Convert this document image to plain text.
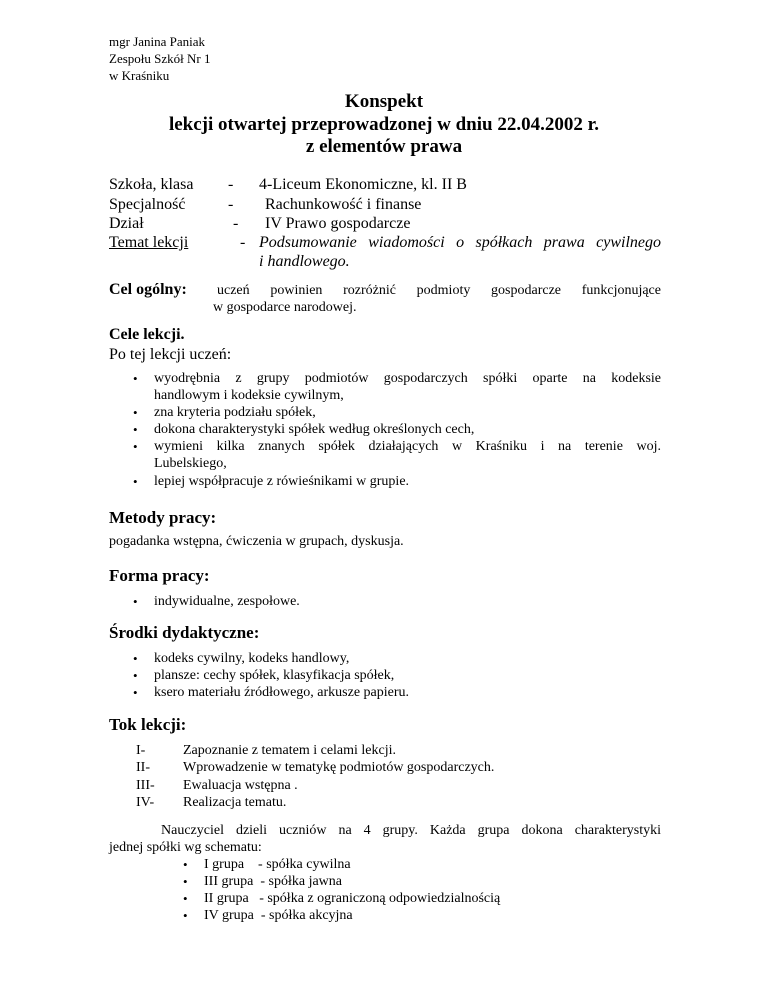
mgr Janina Paniak
Zespołu Szkół Nr 1
w Kraśniku
Konspekt
lekcji otwartej przeprowadzonej w dniu 22.04.2002 r.
z elementów prawa
Szkoła, klasa - 4-Liceum Ekonomiczne, kl. II B
Specjalność	- Rachunkowość i finanse
Dział	- IV Prawo gospodarcze
Temat lekcji	- Podsumowanie wiadomości o spółkach prawa cywilnego
i handlowego.
Cel ogólny: uczeń powinien rozróżnić podmioty gospodarcze funkcjonujące
w gospodarce narodowej.
Cele lekcji.
Po tej lekcji uczeń:
• wyodrębnia z grupy podmiotów gospodarczych spółki oparte na kodeksie
handlowym i kodeksie cywilnym,
• zna kryteria podziału spółek,
• dokona charakterystyki spółek według określonych cech,
• wymieni kilka znanych spółek działających w Kraśniku i na terenie woj.
Lubelskiego,
• lepiej współpracuje z rówieśnikami w grupie.
Metody pracy:
pogadanka wstępna, ćwiczenia w grupach, dyskusja.
Forma pracy:
• indywidualne, zespołowe.
Środki dydaktyczne:
• kodeks cywilny, kodeks handlowy,
• plansze: cechy spółek, klasyfikacja spółek,
• ksero materiału źródłowego, arkusze papieru.
Tok lekcji:
I-	Zapoznanie z tematem i celami lekcji.
II- Wprowadzenie w tematykę podmiotów gospodarczych.
III- Ewaluacja wstępna .
IV- Realizacja tematu.
Nauczyciel dzieli uczniów na 4 grupy. Każda grupa dokona charakterystyki
jednej spółki wg schematu:
• I grupa    - spółka cywilna
• III grupa  - spółka jawna
• II grupa   - spółka z ograniczoną odpowiedzialnością
• IV grupa  - spółka akcyjna
